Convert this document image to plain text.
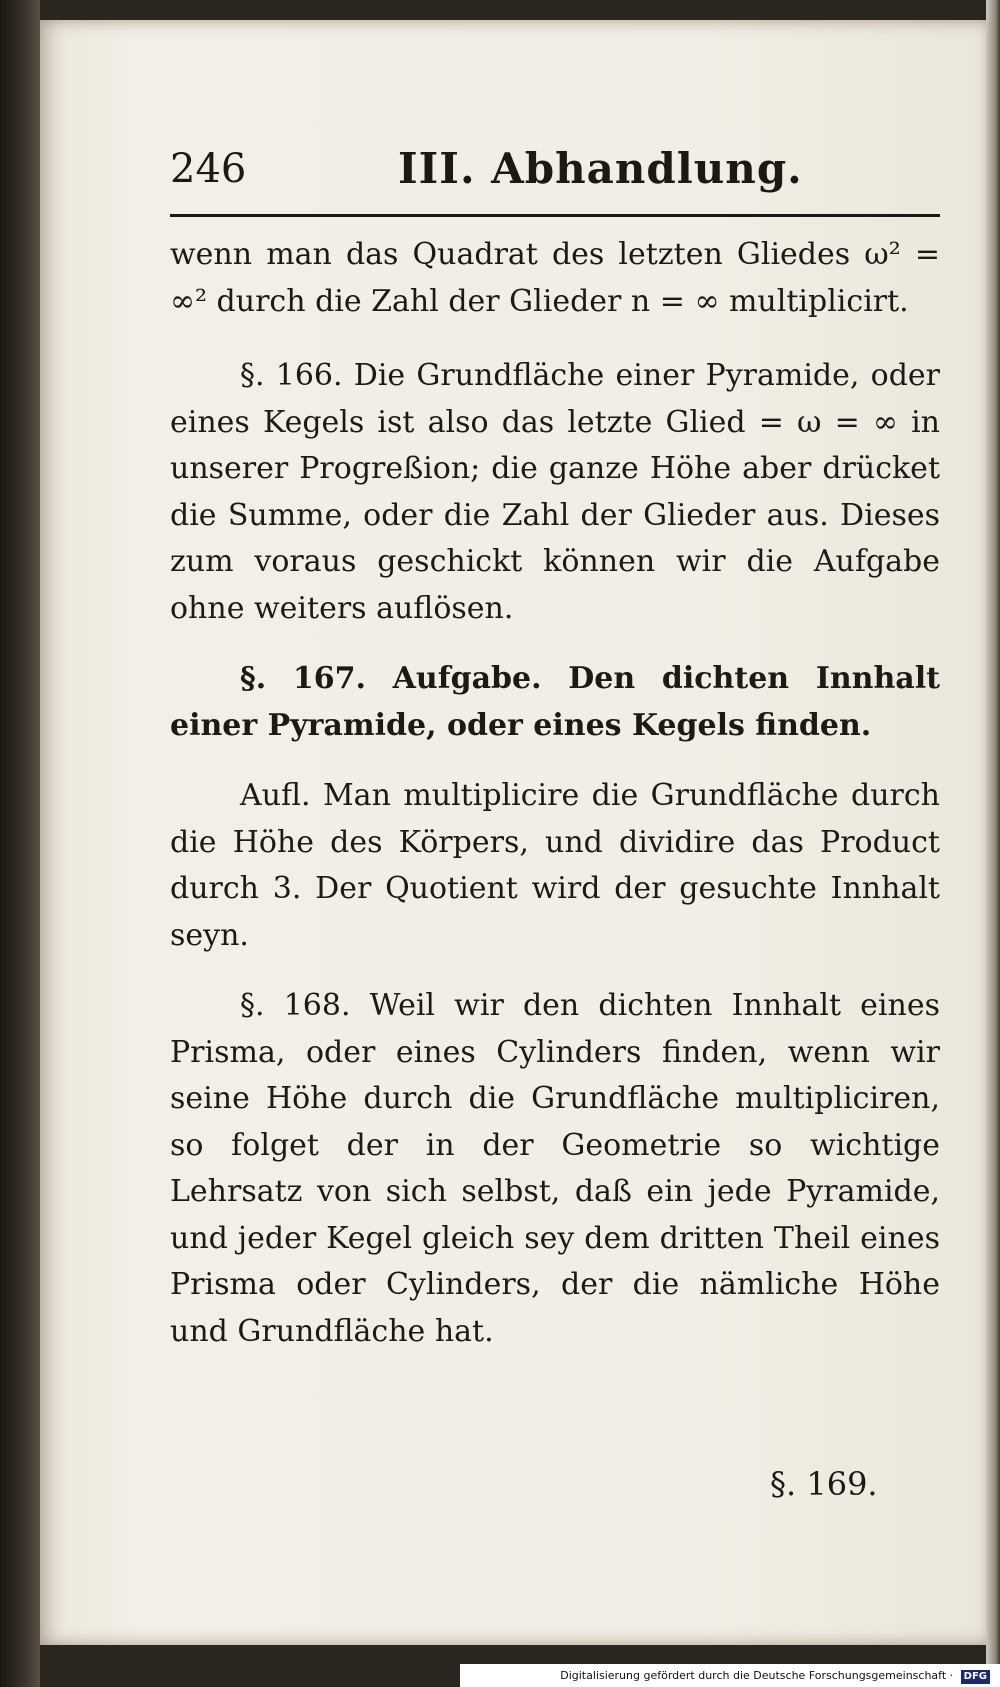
246	III. Abhandlung.

wenn man das Quadrat des letzten Gliedes ω² = ∞² durch die Zahl der Glieder n = ∞ multiplicirt.

§. 166. Die Grundfläche einer Pyramide, oder eines Kegels ist also das letzte Glied = ω = ∞ in unserer Progreßion; die ganze Höhe aber drücket die Summe, oder die Zahl der Glieder aus. Dieses zum voraus geschickt können wir die Aufgabe ohne weiters auflösen.

§. 167. Aufgabe. Den dichten Innhalt einer Pyramide, oder eines Kegels finden.

Aufl. Man multiplicire die Grundfläche durch die Höhe des Körpers, und dividire das Product durch 3. Der Quotient wird der gesuchte Innhalt seyn.

§. 168. Weil wir den dichten Innhalt eines Prisma, oder eines Cylinders finden, wenn wir seine Höhe durch die Grundfläche multipliciren, so folget der in der Geometrie so wichtige Lehrsatz von sich selbst, daß ein jede Pyramide, und jeder Kegel gleich sey dem dritten Theil eines Prisma oder Cylinders, der die nämliche Höhe und Grundfläche hat.

§. 169.
Digitalisierung gefördert durch die Deutsche Forschungsgemeinschaft · DFG
